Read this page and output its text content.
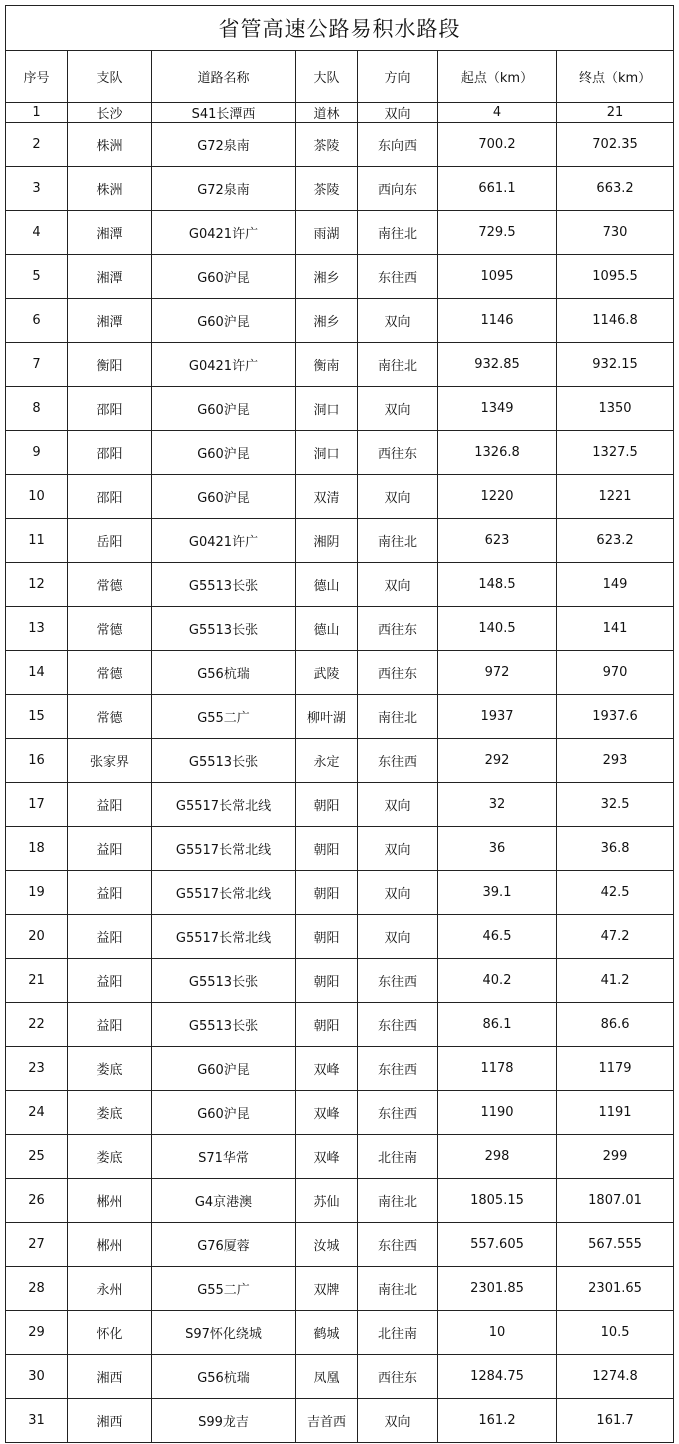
省管高速公路易积水路段						
序号	支队	道路名称	大队	方向	起点（km）	终点（km）
1	长沙	S41长潭西	道林	双向	4	21
2	株洲	G72泉南	茶陵	东向西	700.2	702.35
3	株洲	G72泉南	茶陵	西向东	661.1	663.2
4	湘潭	G0421许广	雨湖	南往北	729.5	730
5	湘潭	G60沪昆	湘乡	东往西	1095	1095.5
6	湘潭	G60沪昆	湘乡	双向	1146	1146.8
7	衡阳	G0421许广	衡南	南往北	932.85	932.15
8	邵阳	G60沪昆	洞口	双向	1349	1350
9	邵阳	G60沪昆	洞口	西往东	1326.8	1327.5
10	邵阳	G60沪昆	双清	双向	1220	1221
11	岳阳	G0421许广	湘阴	南往北	623	623.2
12	常德	G5513长张	德山	双向	148.5	149
13	常德	G5513长张	德山	西往东	140.5	141
14	常德	G56杭瑞	武陵	西往东	972	970
15	常德	G55二广	柳叶湖	南往北	1937	1937.6
16	张家界	G5513长张	永定	东往西	292	293
17	益阳	G5517长常北线	朝阳	双向	32	32.5
18	益阳	G5517长常北线	朝阳	双向	36	36.8
19	益阳	G5517长常北线	朝阳	双向	39.1	42.5
20	益阳	G5517长常北线	朝阳	双向	46.5	47.2
21	益阳	G5513长张	朝阳	东往西	40.2	41.2
22	益阳	G5513长张	朝阳	东往西	86.1	86.6
23	娄底	G60沪昆	双峰	东往西	1178	1179
24	娄底	G60沪昆	双峰	东往西	1190	1191
25	娄底	S71华常	双峰	北往南	298	299
26	郴州	G4京港澳	苏仙	南往北	1805.15	1807.01
27	郴州	G76厦蓉	汝城	东往西	557.605	567.555
28	永州	G55二广	双牌	南往北	2301.85	2301.65
29	怀化	S97怀化绕城	鹤城	北往南	10	10.5
30	湘西	G56杭瑞	凤凰	西往东	1284.75	1274.8
31	湘西	S99龙吉	吉首西	双向	161.2	161.7
